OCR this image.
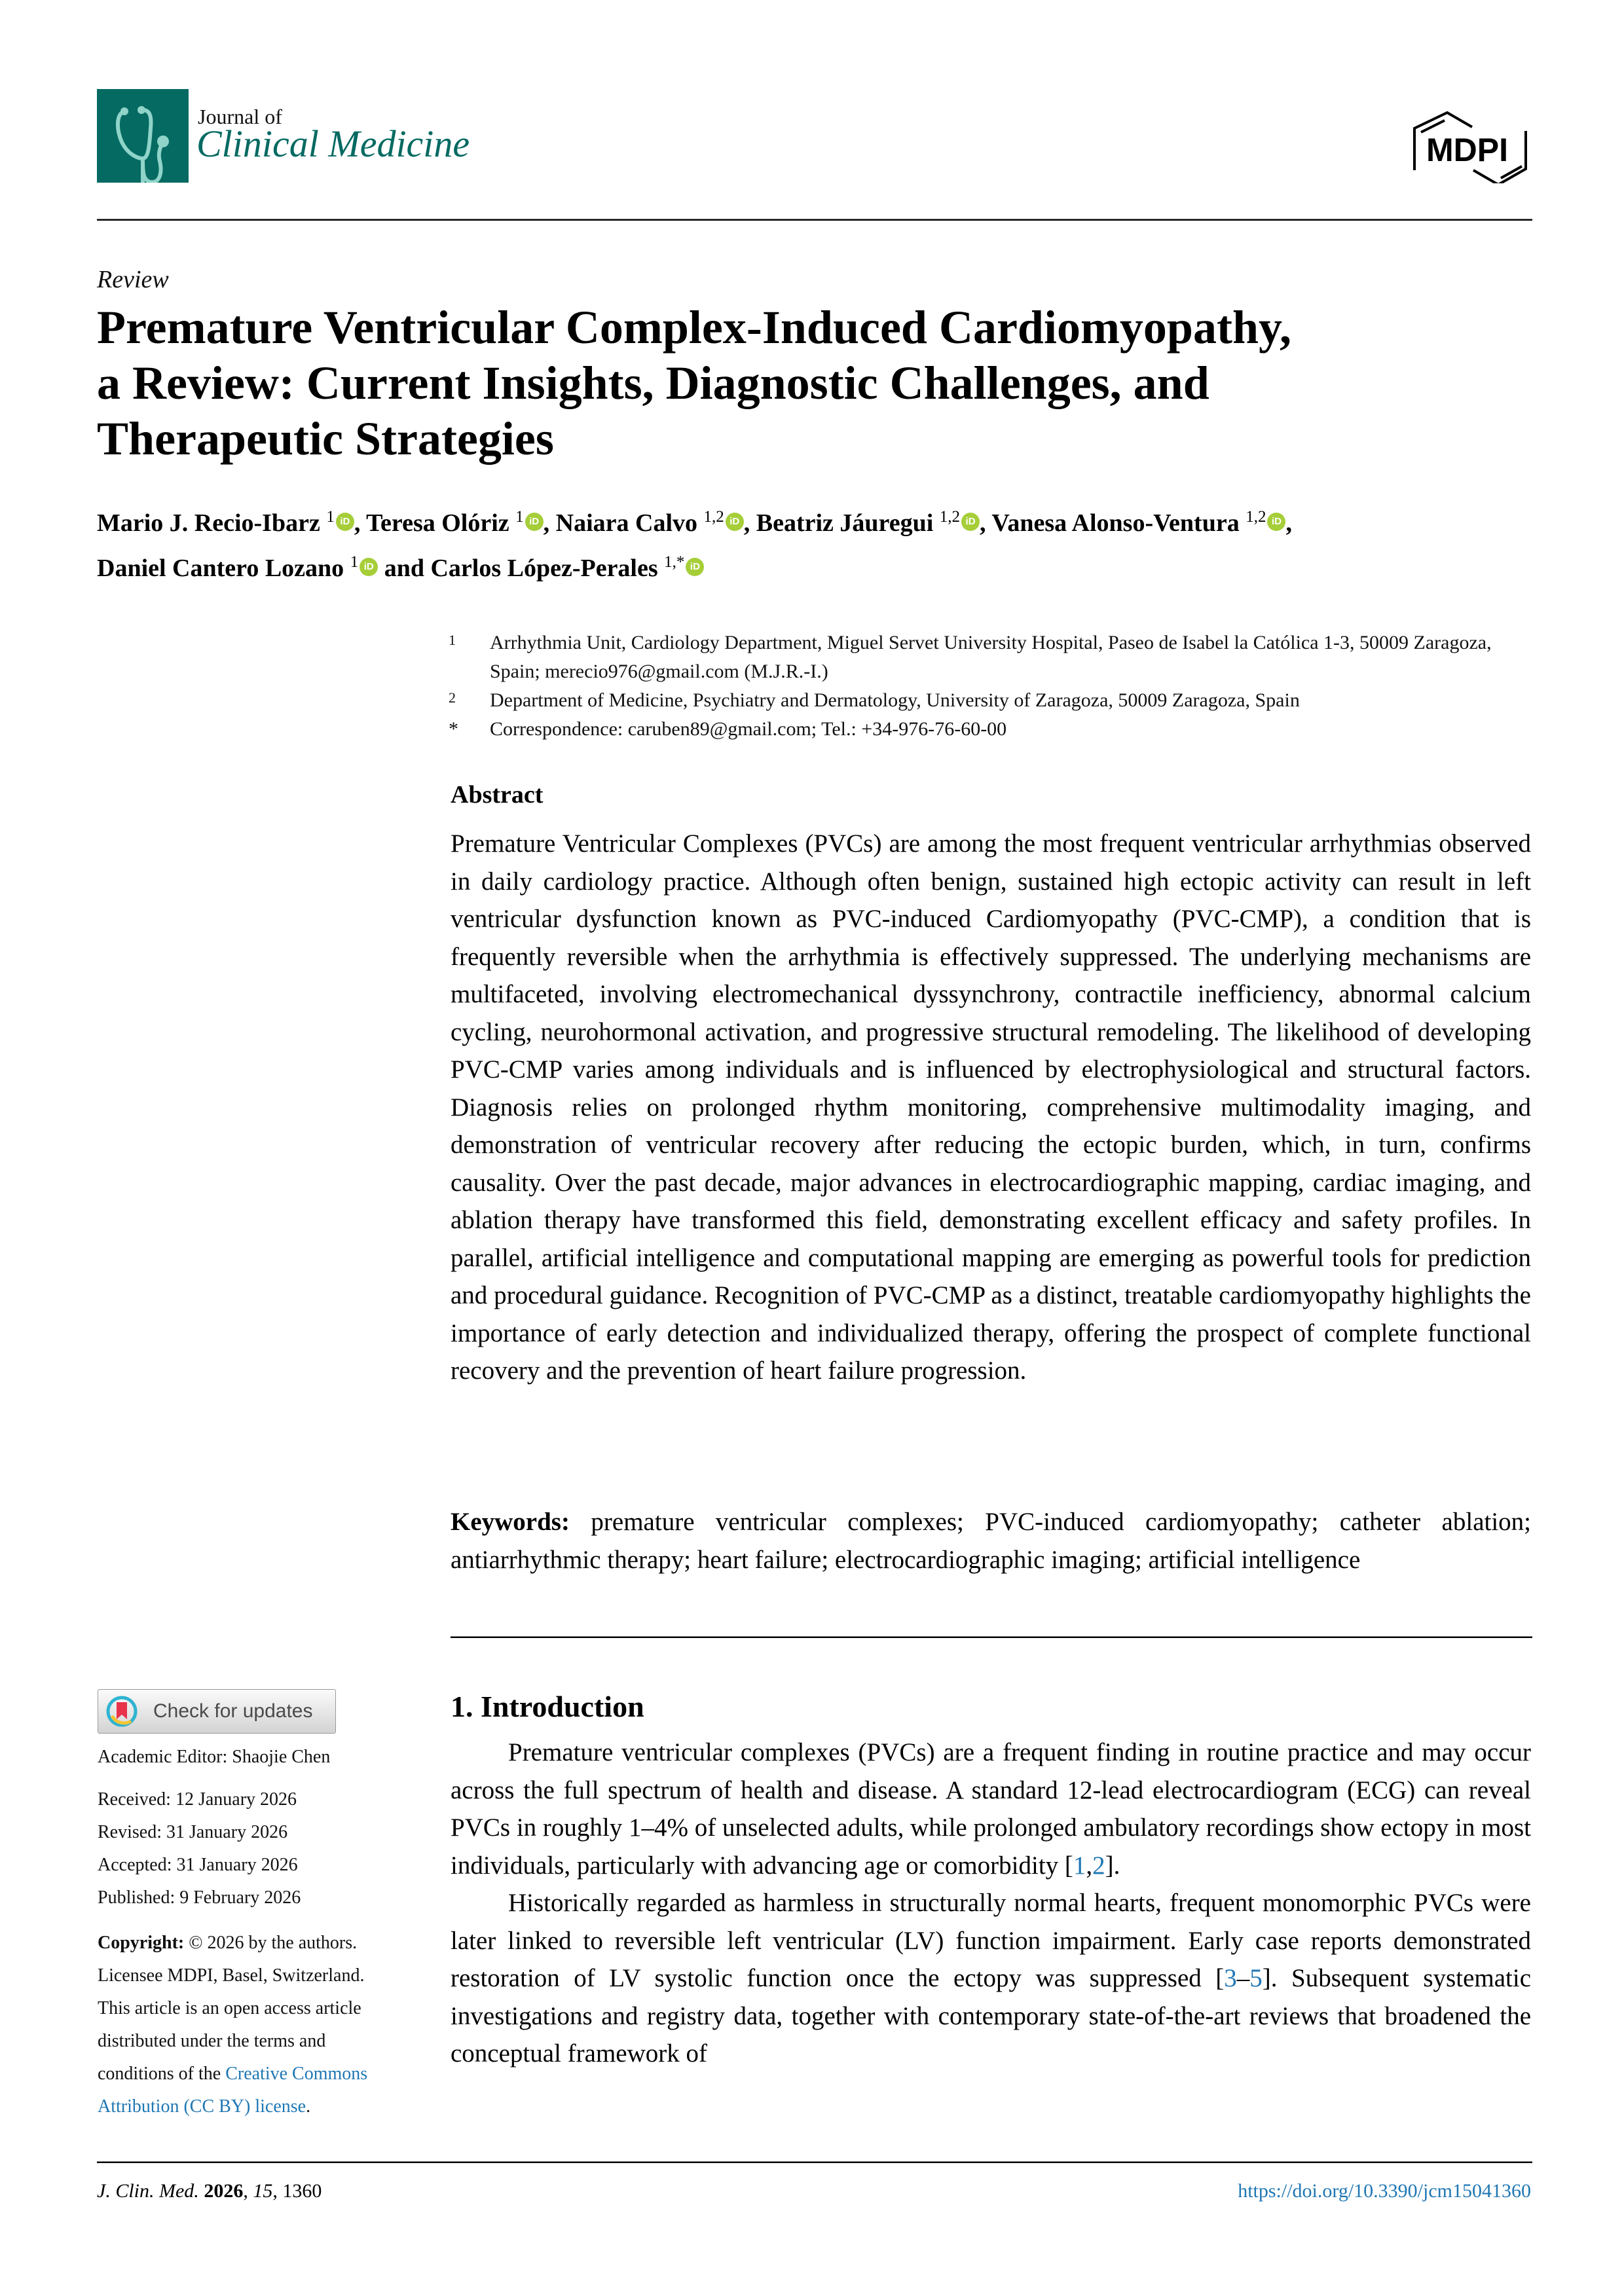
Journal of
Clinical Medicine	MDPI
Review
Premature Ventricular Complex-Induced Cardiomyopathy,
a Review: Current Insights, Diagnostic Challenges, and
Therapeutic Strategies
Mario J. Recio-Ibarz $^1$ iD , Teresa Olóriz $^1$ iD , Naiara Calvo $^{1,2}$ iD , Beatriz Jáuregui $^{1,2}$ iD , Vanesa Alonso-Ventura $^{1,2}$ iD ,
Daniel Cantero Lozano $^1$ iD and Carlos López-Perales $^{1,*}$ iD
1 Arrhythmia Unit, Cardiology Department, Miguel Servet University Hospital, Paseo de Isabel la Católica 1-3, 50009 Zaragoza, Spain; merecio976@gmail.com (M.J.R.-I.)
2 Department of Medicine, Psychiatry and Dermatology, University of Zaragoza, 50009 Zaragoza, Spain
* Correspondence: caruben89@gmail.com; Tel.: +34-976-76-60-00
Abstract
Premature Ventricular Complexes (PVCs) are among the most frequent ventricular arrhythmias observed in daily cardiology practice. Although often benign, sustained high ectopic activity can result in left ventricular dysfunction known as PVC-induced Cardiomyopathy (PVC-CMP), a condition that is frequently reversible when the arrhythmia is effectively suppressed. The underlying mechanisms are multifaceted, involving electromechanical dyssynchrony, contractile inefficiency, abnormal calcium cycling, neurohormonal activation, and progressive structural remodeling. The likelihood of developing PVC-CMP varies among individuals and is influenced by electrophysiological and structural factors. Diagnosis relies on prolonged rhythm monitoring, comprehensive multimodality imaging, and demonstration of ventricular recovery after reducing the ectopic burden, which, in turn, confirms causality. Over the past decade, major advances in electrocardiographic mapping, cardiac imaging, and ablation therapy have transformed this field, demonstrating excellent efficacy and safety profiles. In parallel, artificial intelligence and computational mapping are emerging as powerful tools for prediction and procedural guidance. Recognition of PVC-CMP as a distinct, treatable cardiomyopathy highlights the importance of early detection and individualized therapy, offering the prospect of complete functional recovery and the prevention of heart failure progression.
Keywords: premature ventricular complexes; PVC-induced cardiomyopathy; catheter ablation; antiarrhythmic therapy; heart failure; electrocardiographic imaging; artificial intelligence
Check for updates
Academic Editor: Shaojie Chen
Received: 12 January 2026
Revised: 31 January 2026
Accepted: 31 January 2026
Published: 9 February 2026
Copyright: © 2026 by the authors.
Licensee MDPI, Basel, Switzerland.
This article is an open access article
distributed under the terms and
conditions of the Creative Commons
Attribution (CC BY) license.
1. Introduction

Premature ventricular complexes (PVCs) are a frequent finding in routine practice and may occur across the full spectrum of health and disease. A standard 12-lead electrocardiogram (ECG) can reveal PVCs in roughly 1–4% of unselected adults, while prolonged ambulatory recordings show ectopy in most individuals, particularly with advancing age or comorbidity [1,2].

Historically regarded as harmless in structurally normal hearts, frequent monomorphic PVCs were later linked to reversible left ventricular (LV) function impairment. Early case reports demonstrated restoration of LV systolic function once the ectopy was suppressed [3–5]. Subsequent systematic investigations and registry data, together with contemporary state-of-the-art reviews that broadened the conceptual framework of

J. Clin. Med. 2026, 15, 1360	https://doi.org/10.3390/jcm15041360
